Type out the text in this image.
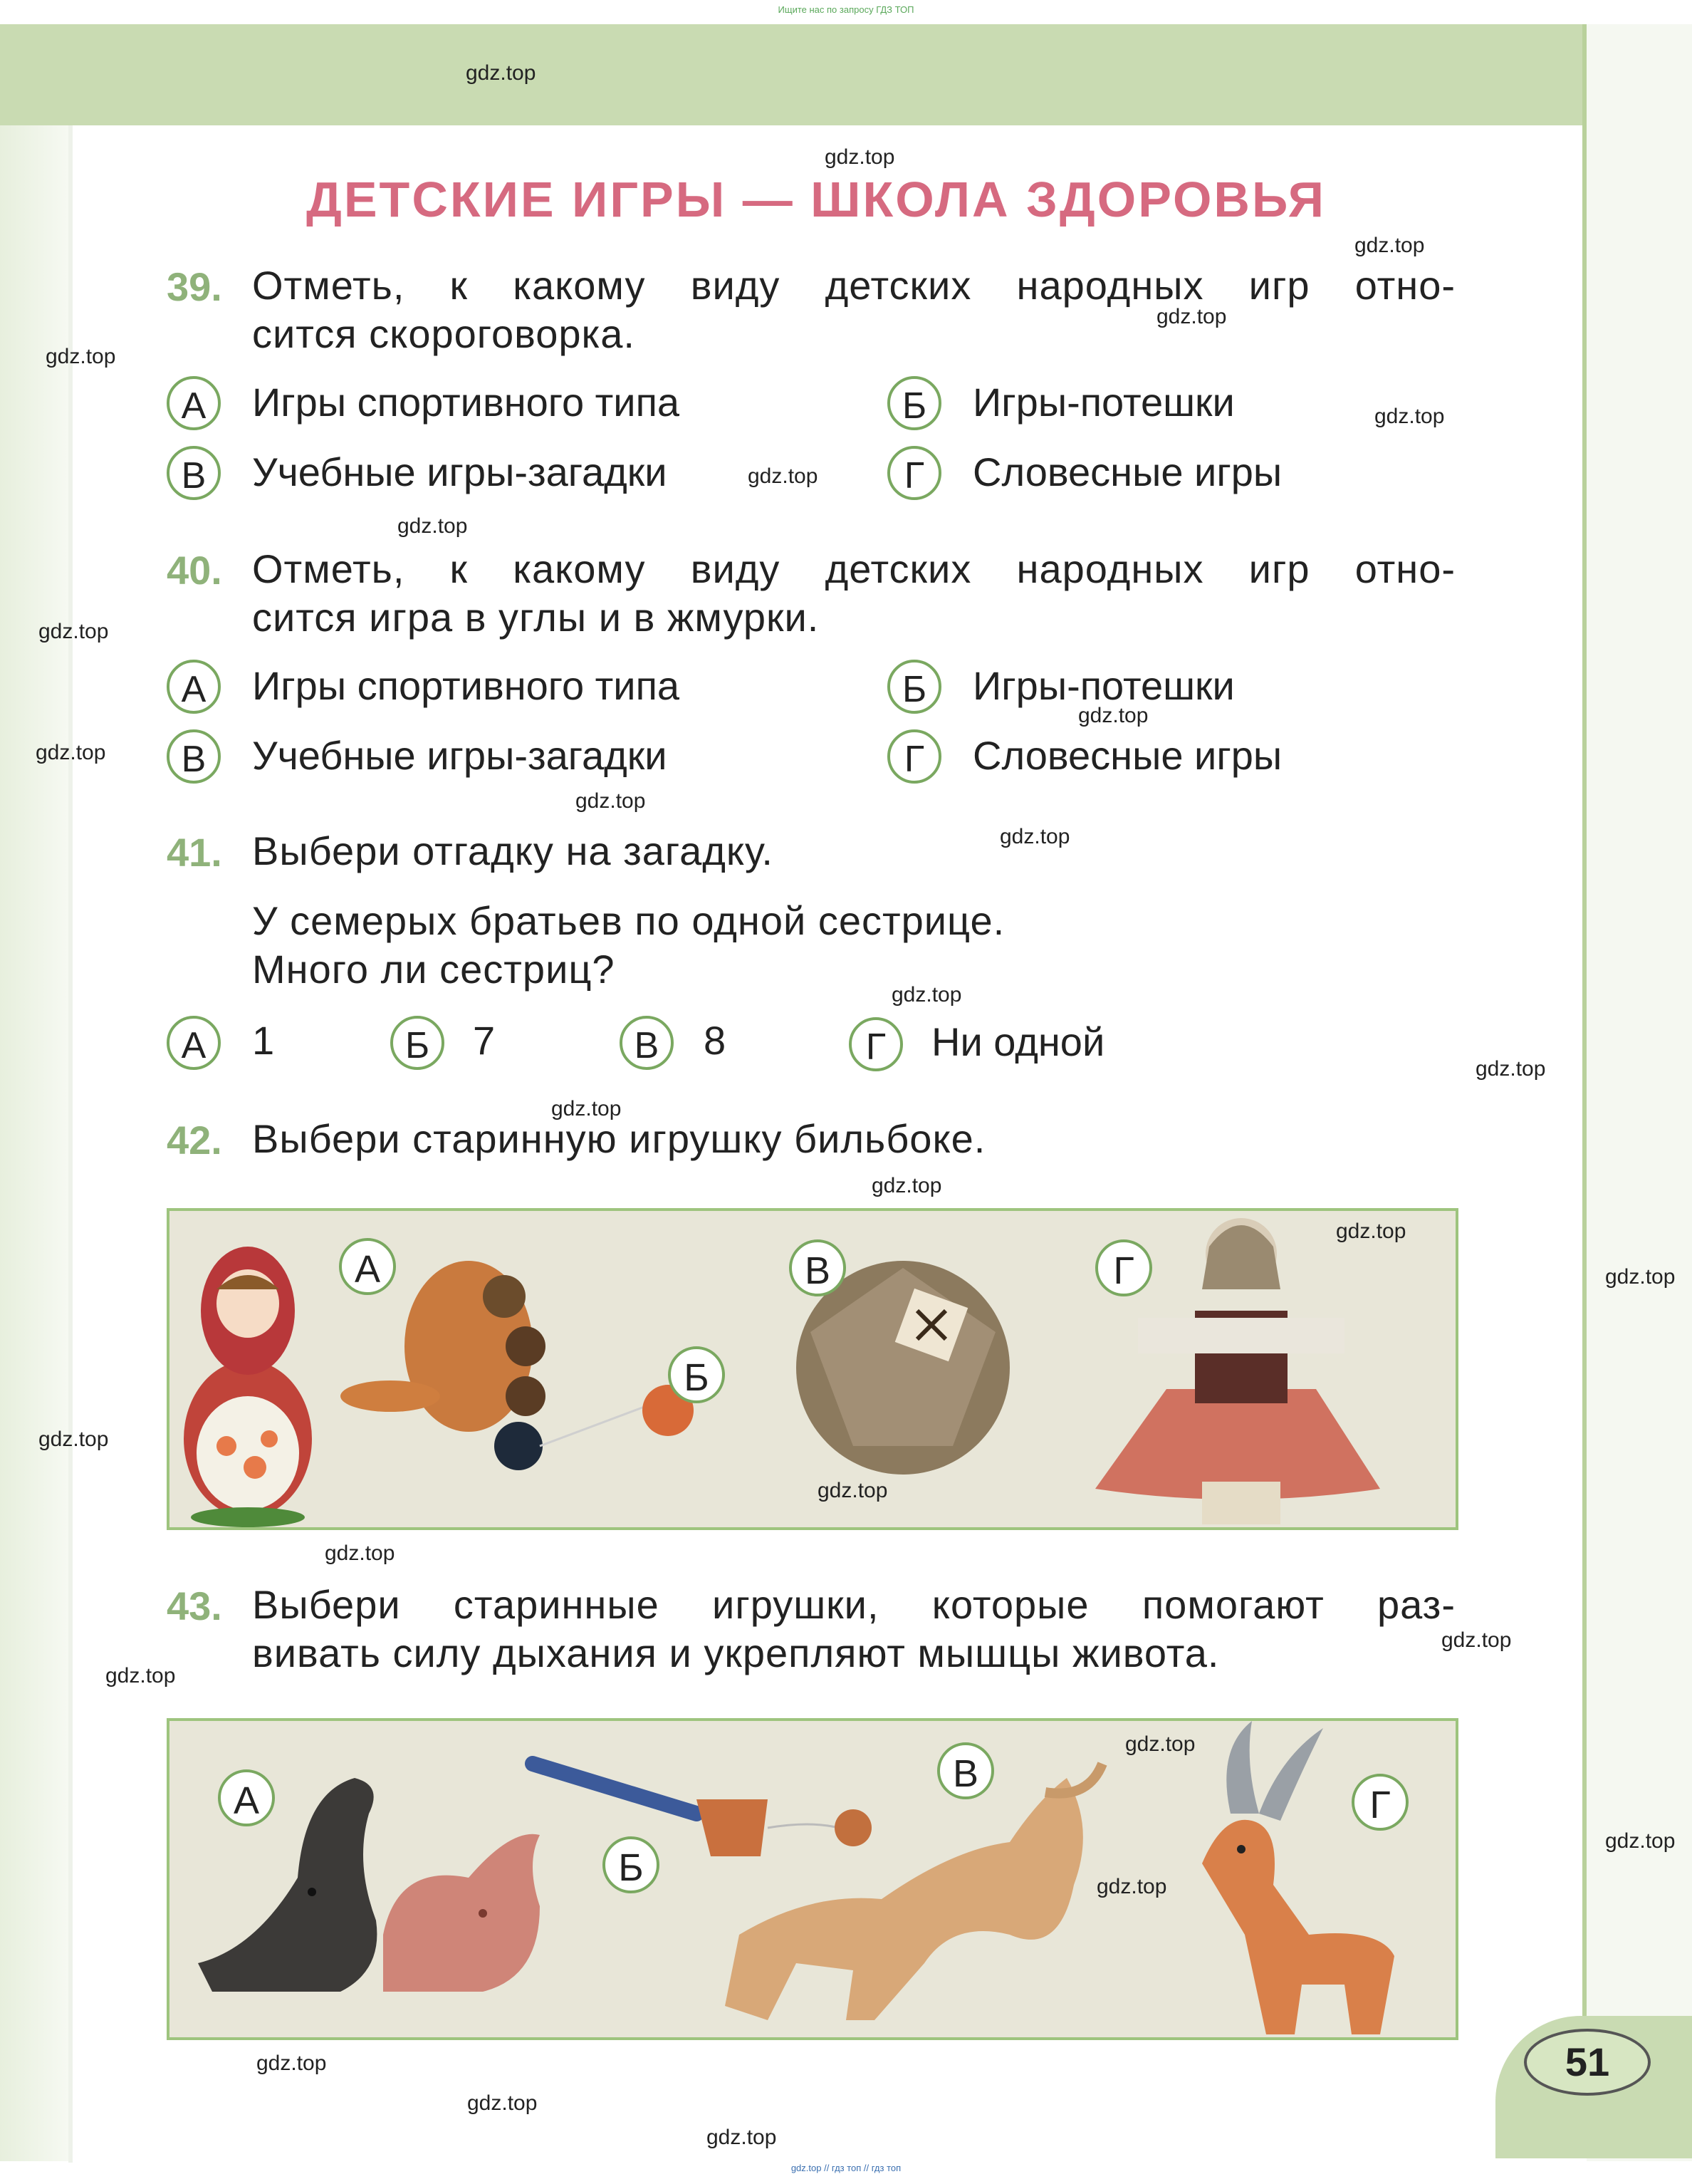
51
Ищите нас по запросу ГДЗ ТОП
gdz.top // гдз топ // гдз топ
ДЕТСКИЕ ИГРЫ — ШКОЛА ЗДОРОВЬЯ
39. Отметь, к какому виду детских народных игр отно-
сится скороговорка.
А	Игры спортивного типа	Б	Игры-потешки
В	Учебные игры-загадки	Г	Словесные игры
40. Отметь, к какому виду детских народных игр отно-
сится игра в углы и в жмурки.
А	Игры спортивного типа	Б	Игры-потешки
В	Учебные игры-загадки	Г	Словесные игры
41. Выбери отгадку на загадку.
У семерых братьев по одной сестрице.
Много ли сестриц?
А	1	Б	7	В	8	Г	Ни одной
42. Выбери старинную игрушку бильбоке.
А
Б
В	Г
43. Выбери старинные игрушки, которые помогают раз-
вивать силу дыхания и укрепляют мышцы живота.
А
Б
В
Г
gdz.top
gdz.top
gdz.top
gdz.top
gdz.top
gdz.top
gdz.top
gdz.top
gdz.top
gdz.top
gdz.top
gdz.top
gdz.top
gdz.top
gdz.top
gdz.top
gdz.top
gdz.top
gdz.top
gdz.top
gdz.top
gdz.top
gdz.top
gdz.top
gdz.top
gdz.top
gdz.top
gdz.top
gdz.top
gdz.top
